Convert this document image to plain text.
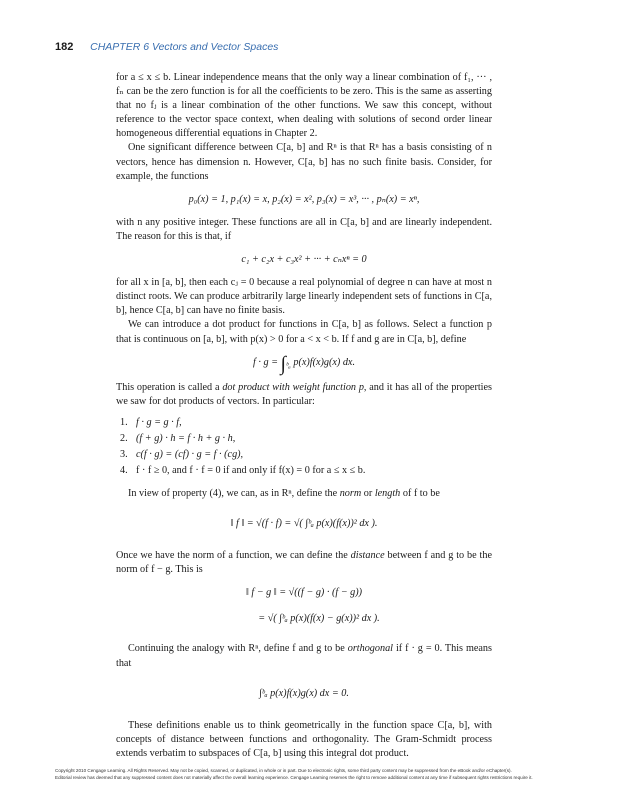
182 CHAPTER 6 Vectors and Vector Spaces

for a ≤ x ≤ b. Linear independence means that the only way a linear combination of f₁, ··· , fₙ can be the zero function is for all the coefficients to be zero. This is the same as asserting that no fⱼ is a linear combination of the other functions. We saw this concept, without reference to the vector space context, when dealing with solutions of second order linear homogeneous differential equations in Chapter 2.

One significant difference between C[a, b] and Rⁿ is that Rⁿ has a basis consisting of n vectors, hence has dimension n. However, C[a, b] has no such finite basis. Consider, for example, the functions

p₀(x) = 1, p₁(x) = x, p₂(x) = x², p₃(x) = x³, ··· , pₙ(x) = xⁿ,

with n any positive integer. These functions are all in C[a, b] and are linearly independent. The reason for this is that, if

c₁ + c₂x + c₃x² + ··· + cₙxⁿ = 0

for all x in [a, b], then each cⱼ = 0 because a real polynomial of degree n can have at most n distinct roots. We can produce arbitrarily large linearly independent sets of functions in C[a, b], hence C[a, b] can have no finite basis.

We can introduce a dot product for functions in C[a, b] as follows. Select a function p that is continuous on [a, b], with p(x) > 0 for a < x < b. If f and g are in C[a, b], define

$f \cdot g = \int_{ᵇ_a}$ p(x)f(x)g(x) dx.

This operation is called a dot product with weight function p, and it has all of the properties we saw for dot products of vectors. In particular:

1. f · g = g · f,
2. (f + g) · h = f · h + g · h,
3. c(f · g) = (cf) · g = f · (cg),
4. f · f ≥ 0, and f · f = 0 if and only if f(x) = 0 for a ≤ x ≤ b.

In view of property (4), we can, as in Rⁿ, define the norm or length of f to be

‖ f ‖ = √(f · f) = √( ∫ᵇₐ p(x)(f(x))² dx ).

Once we have the norm of a function, we can define the distance between f and g to be the norm of f − g. This is

‖ f − g ‖ = √((f − g) · (f − g))
= √( ∫ᵇₐ p(x)(f(x) − g(x))² dx ).

Continuing the analogy with Rⁿ, define f and g to be orthogonal if f · g = 0. This means that

∫ᵇₐ p(x)f(x)g(x) dx = 0.

These definitions enable us to think geometrically in the function space C[a, b], with concepts of distance between functions and orthogonality. The Gram-Schmidt process extends verbatim to subspaces of C[a, b] using this integral dot product.

Copyright 2010 Cengage Learning. All Rights Reserved. May not be copied, scanned, or duplicated, in whole or in part. Due to electronic rights, some third party content may be suppressed from the eBook and/or eChapter(s).
Editorial review has deemed that any suppressed content does not materially affect the overall learning experience. Cengage Learning reserves the right to remove additional content at any time if subsequent rights restrictions require it.
